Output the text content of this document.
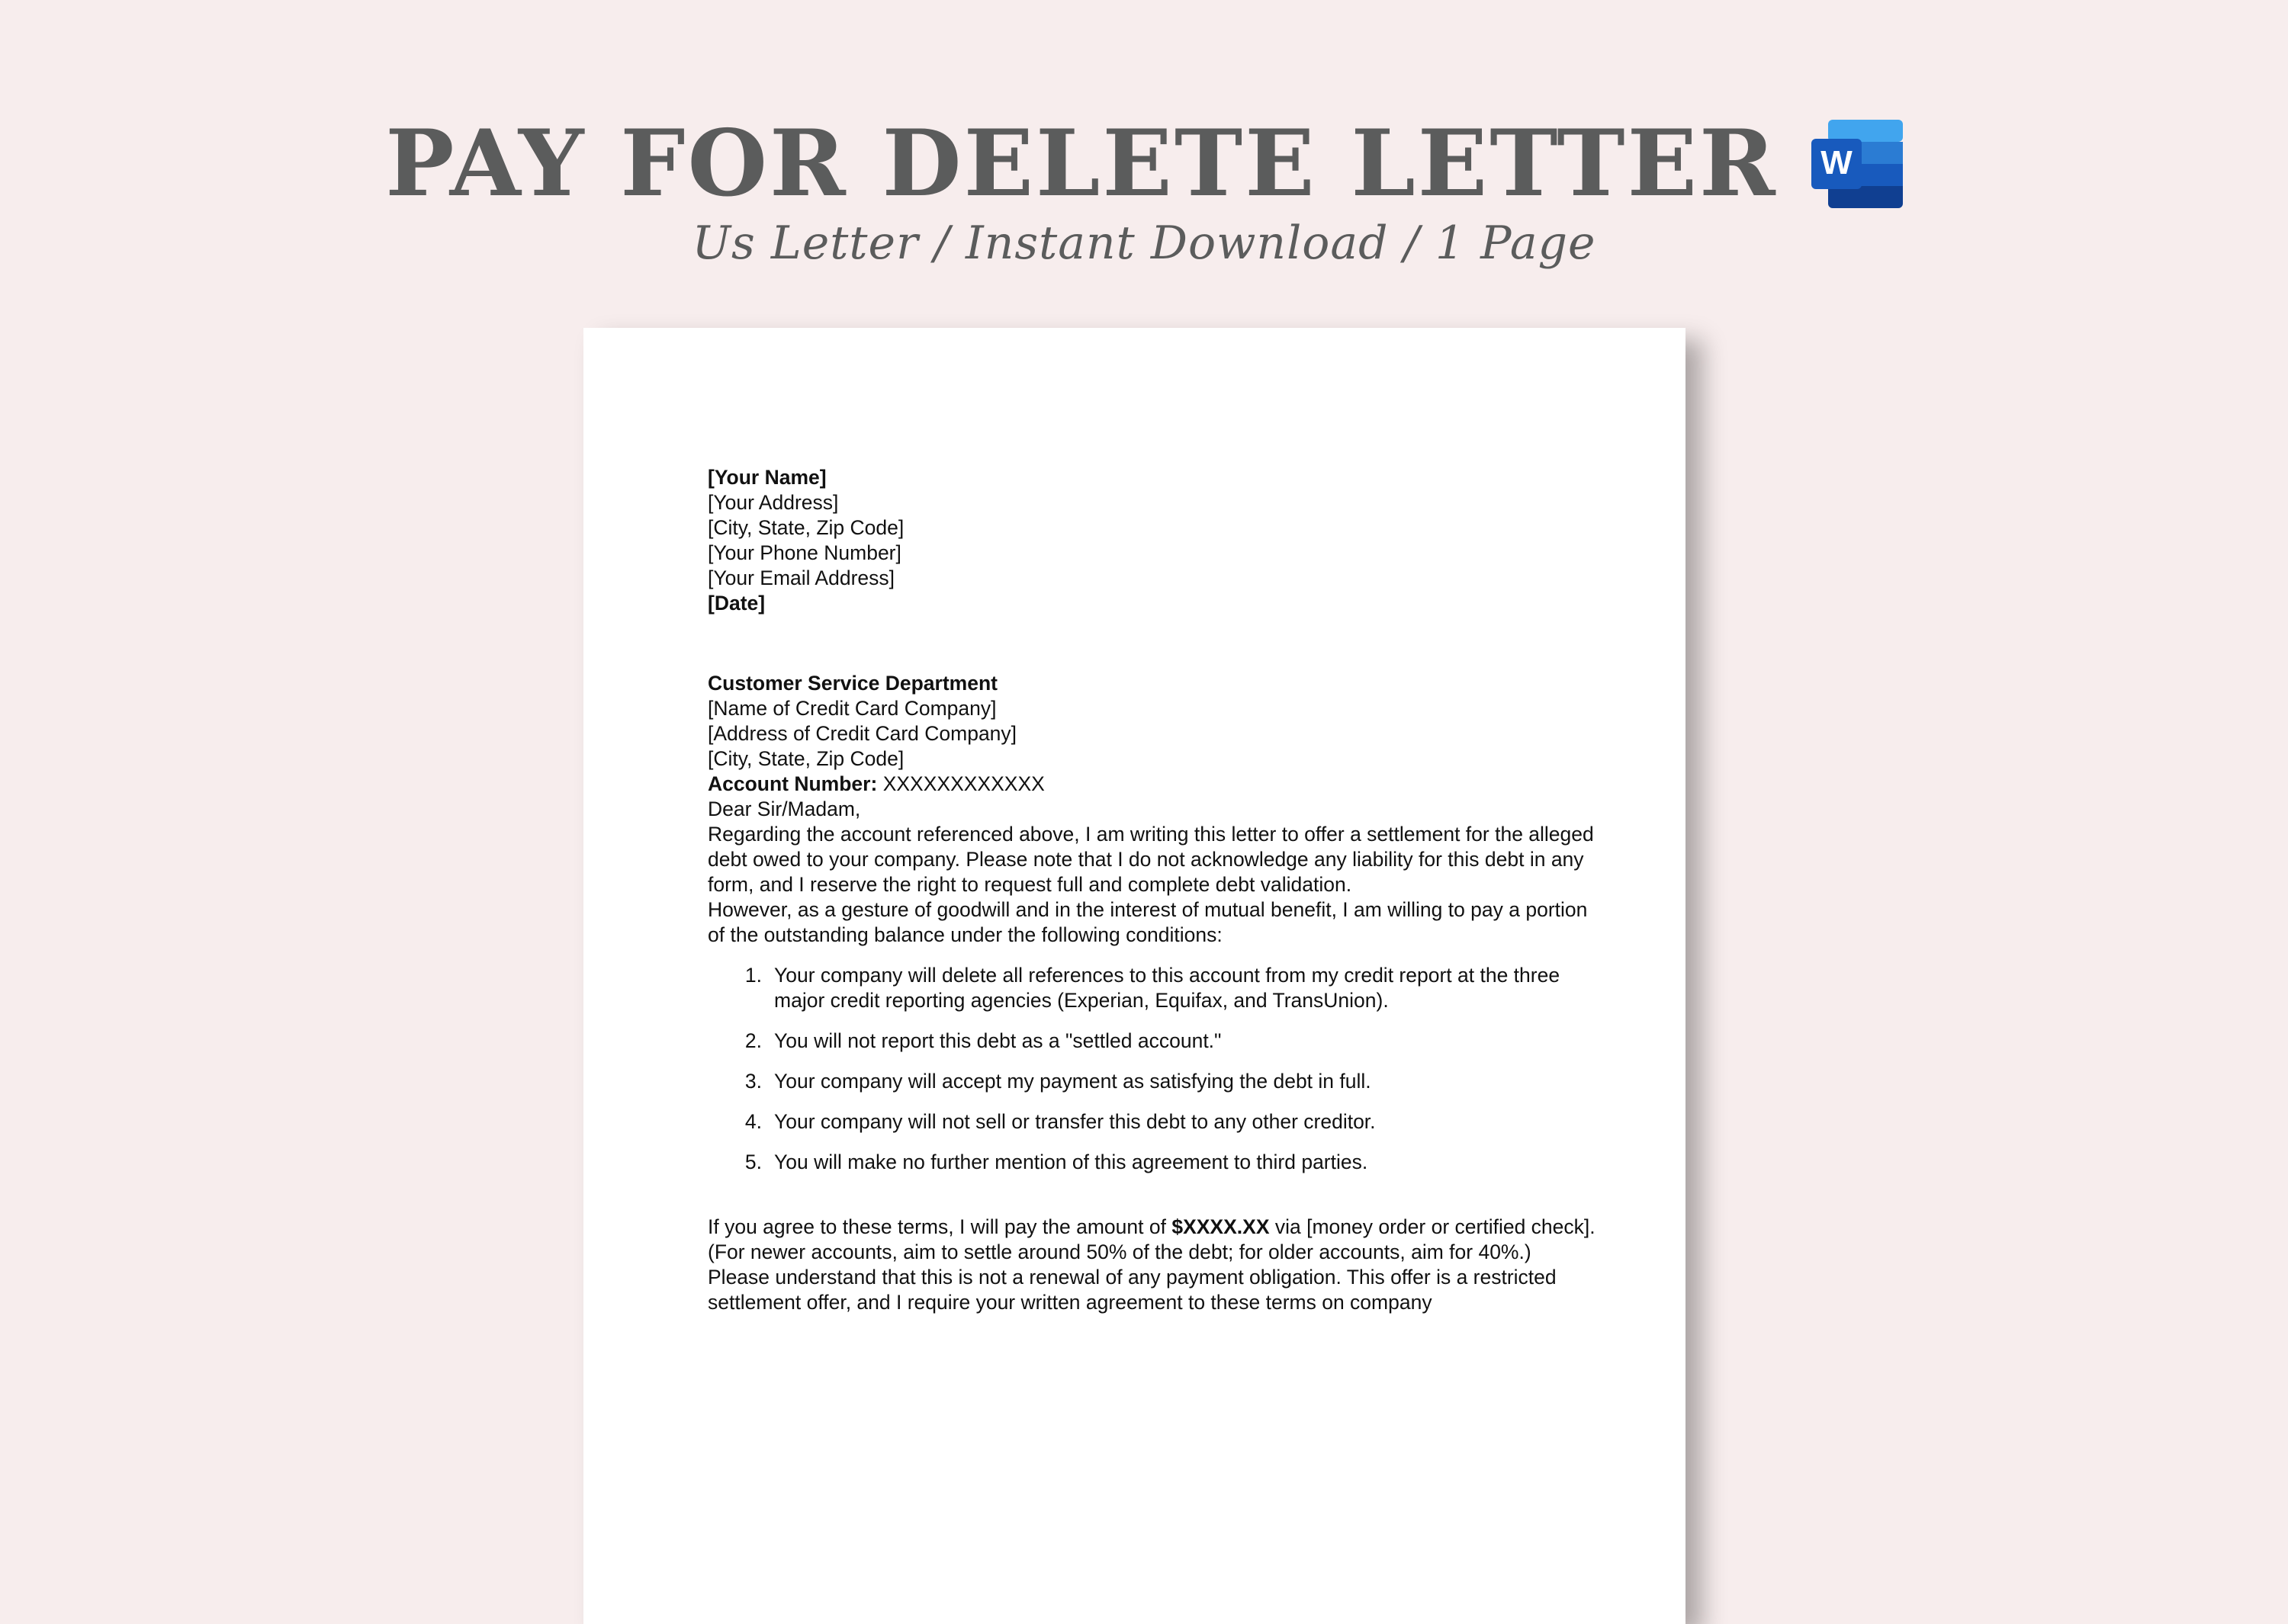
PAY FOR DELETE LETTER W
Us Letter / Instant Download / 1 Page

[Your Name]

[Your Address]

[City, State, Zip Code]

[Your Phone Number]

[Your Email Address]

[Date]

Customer Service Department

[Name of Credit Card Company]

[Address of Credit Card Company]

[City, State, Zip Code]

Account Number: XXXXXXXXXXXX

Dear Sir/Madam,

Regarding the account referenced above, I am writing this letter to offer a settlement for the alleged debt owed to your company. Please note that I do not acknowledge any liability for this debt in any form, and I reserve the right to request full and complete debt validation.

However, as a gesture of goodwill and in the interest of mutual benefit, I am willing to pay a portion of the outstanding balance under the following conditions:

1. Your company will delete all references to this account from my credit report at the three major credit reporting agencies (Experian, Equifax, and TransUnion).
2. You will not report this debt as a "settled account."
3. Your company will accept my payment as satisfying the debt in full.
4. Your company will not sell or transfer this debt to any other creditor.
5. You will make no further mention of this agreement to third parties.

If you agree to these terms, I will pay the amount of $XXXX.XX via [money order or certified check]. (For newer accounts, aim to settle around 50% of the debt; for older accounts, aim for 40%.)

Please understand that this is not a renewal of any payment obligation. This offer is a restricted settlement offer, and I require your written agreement to these terms on company
